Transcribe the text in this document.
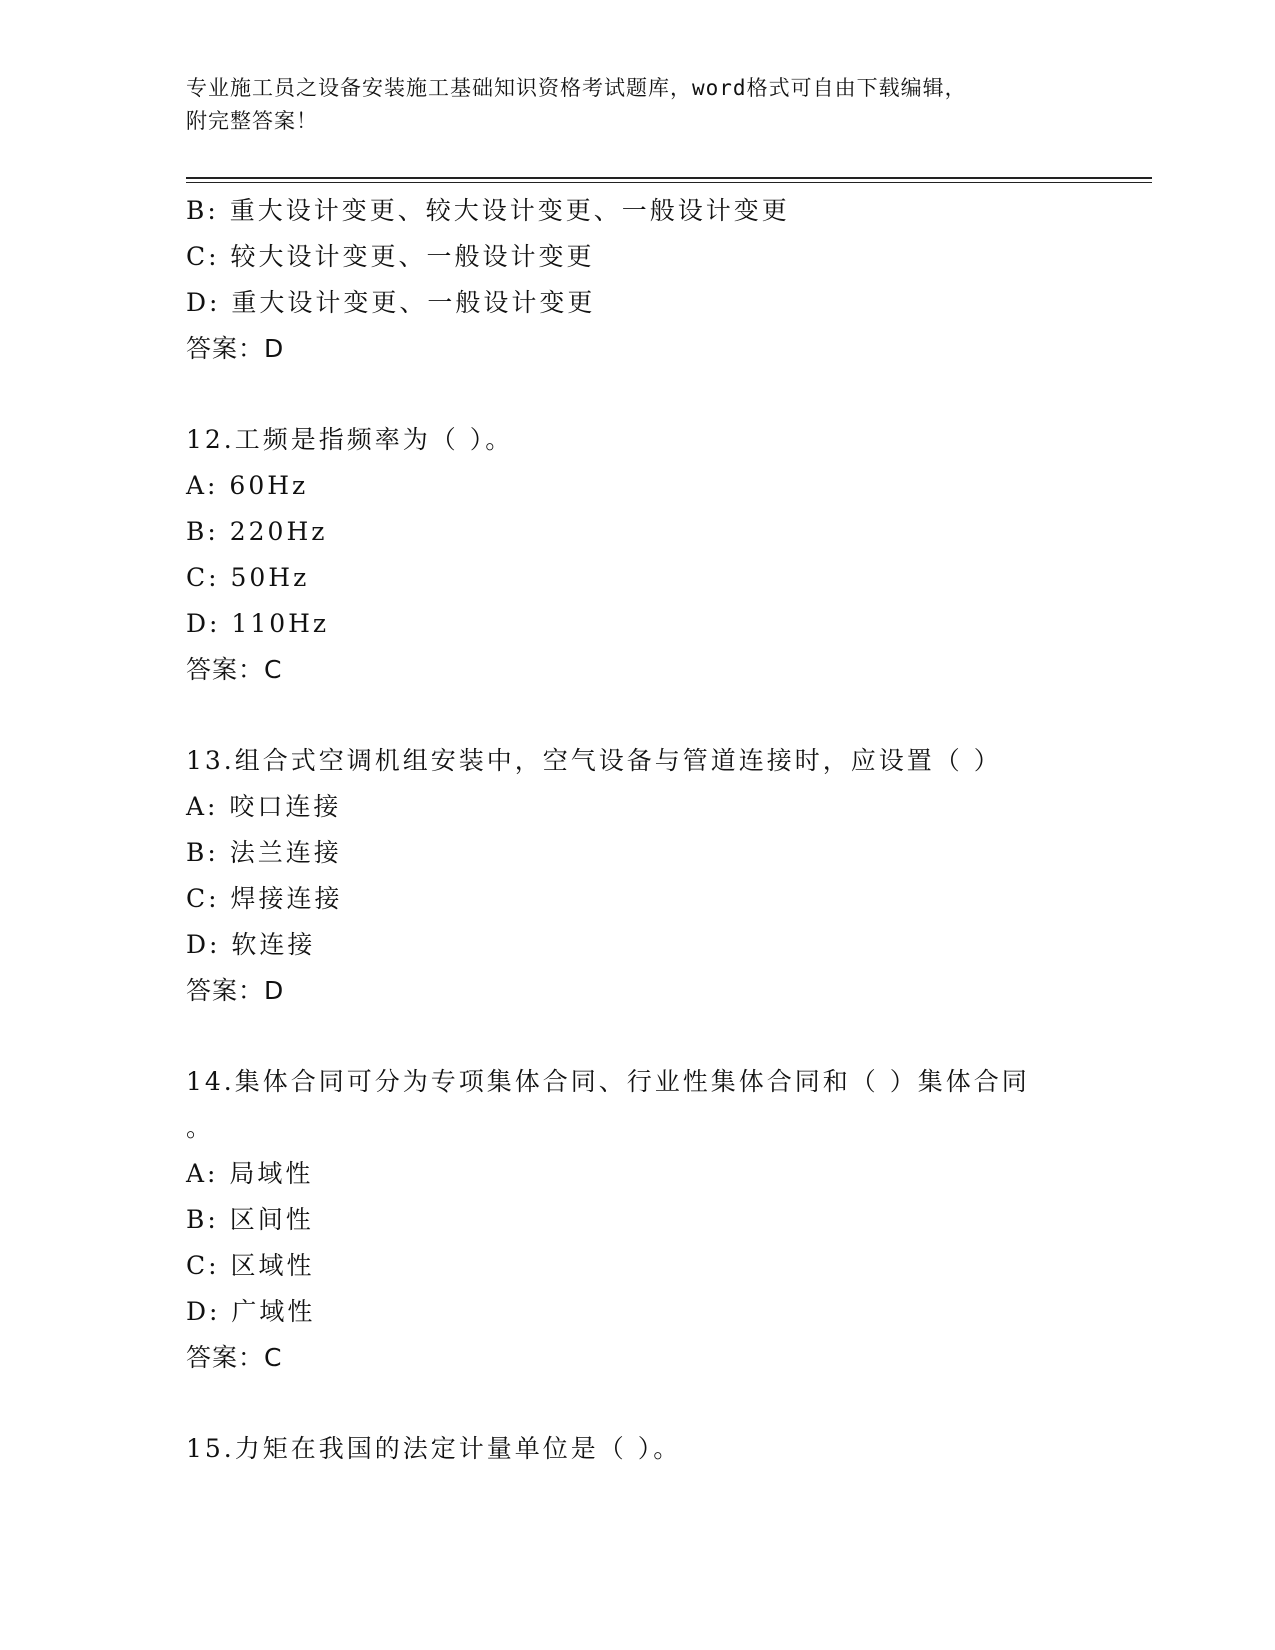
专业施工员之设备安装施工基础知识资格考试题库，word格式可自由下载编辑，
附完整答案！
B: 重大设计变更、较大设计变更、一般设计变更
C: 较大设计变更、一般设计变更
D: 重大设计变更、一般设计变更
答案：D
12.工频是指频率为（ ）。
A: 60Hz
B: 220Hz
C: 50Hz
D: 110Hz
答案：C
13.组合式空调机组安装中，空气设备与管道连接时，应设置（ ）
A: 咬口连接
B: 法兰连接
C: 焊接连接
D: 软连接
答案：D
14.集体合同可分为专项集体合同、行业性集体合同和（ ）集体合同
。
A: 局域性
B: 区间性
C: 区域性
D: 广域性
答案：C
15.力矩在我国的法定计量单位是（ ）。
